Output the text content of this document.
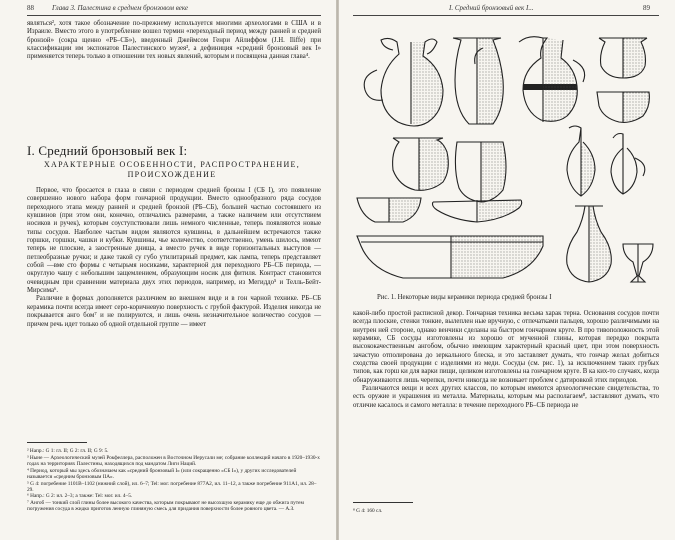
88	Глава 3. Палестина в среднем бронзовом веке

являться², хотя такое обозначение по-прежнему используется многими археологами в США и в Израиле. Вместо этого в употребление вошел термин «переходный период между ранней и средней бронзой» (сокра щенно «РБ–СБ»), введенный Джеймсом Генри Айлиффом (J.H. Iliffe) при классификации им экспонатов Палестинского музея³, а дефиниция «средний бронзовый век I» применяется теперь только в отношении тех новых явлений, которым и посвящена данная глава⁴.

I. Средний бронзовый век I:
ХАРАКТЕРНЫЕ ОСОБЕННОСТИ, РАСПРОСТРАНЕНИЕ, ПРОИСХОЖДЕНИЕ

Первое, что бросается в глаза в связи с периодом средней бронзы I (СБ I), это появление совершенно нового набора форм гончарной продукции. Вместо однообразного ряда сосудов переходного этапа между ранней и средней бронзой (РБ–СБ), большей частью состоявшего из кувшинов (при этом они, конечно, отличались размерами, а также наличием или отсутствием носиков и ручек), которым соуступствовали лишь немного численные, теперь появляются новые типы сосудов. Наиболее частым видом являются кувшины, в дальнейшем встречаются также горшки, горшки, чашки и кубки. Кувшины, чье количество, соответственно, умень шилось, имеют теперь не плоские, а заостренные днища, а вместо ручек в виде горизонтальных выступов — петлеобразные ручки; и даже такой су губо утилитарный предмет, как лампа, теперь представляет собой —вме сто формы с четырьмя носиками, характерной для переходного РБ–СБ периода, — округлую чашу с небольшим защемлением, образующим носик для фитиля. Контраст становится очевидным при сравнении материала двух этих периодов, например, из Мегиддо⁵ и Телль-Бейт-Мирсима⁶.

Различие в формах дополняется различием во внешнем виде и в гон чарной технике. РБ–СБ керамика почти всегда имеет серо-коричневую поверхность с грубой фактурой. Изделия никогда не покрывается анго бом⁷ и не полируются, и лишь очень незначительное количество сосудов — причем речь идет только об одной отдельной группе — имеет

² Напр.: G 1: гл. II; G 2: гл. II; G 9: 5.
³ Ныне — Археологический музей Рокфеллера, расположен в Восточном Иерусали ме; собрание коллекций начато в 1920–1930-х годах на территориях Палестины, находящихся под мандатом Лиги Наций.
⁴ Период, который мы здесь обозначаем как «средний бронзовый I» (или сокращенно «СБ I»), у других исследователей называется «средним бронзовым IIA».
⁵ G 4: погребение 1101B–1102 (нижний слой), ил. 6–7; Tel: мог. погребение 877A2, ил. 11–12, а также погребение 911A1, ил. 28–29.
⁶ Напр.: G 2: ил. 2–3; а также: Tel: мог. ил. 4–5.
⁷ Ангоб — тонкий слой глины более высокого качества, которым покрывают не высохшую керамику еще до обжига путем погружения сосуда в жидко приготов ленную глиняную смесь для придания поверхности более ровного цвета. — А.З.
I. Средний бронзовый век I...	89
Рис. 1. Некоторые виды керамики периода средней бронзы I

какой-либо простой расписной декор. Гончарная техника весьма харак терна. Основания сосудов почти всегда плоские, стенки тонкие, вылеплен ные вручную, с отпечатками пальцев, хорошо различимыми на внутрен ней стороне, однако венчики сделаны на быстром гончарном круге. В про тивоположность этой керамике, СБ сосуды изготовлены из хорошо от мученной глины, которая передко покрыта высококачественным ангобом, обычно имеющим характерный красный цвет, при этом поверхность зачастую отполирована до зеркального блеска, и это заставляет думать, что гончар желал добиться сходства своей продукции с изделиями из меди. Сосуды (см. рис. 1), за исключением таких грубых типов, как горш ки для варки пищи, целиком изготовлены на гончарном круге. В ка ких-то случаях, когда обнаруживаются лишь черепки, почти никогда не возникает проблем с датировкой этих периодов.

Различаются вещи и всех других классов, по которым имеются археологические свидетельства, то есть оружие и украшения из металла. Материалы, которым мы располагаем⁸, заставляют думать, что отличие касалось и самого металла: в течение переходного РБ–СБ периода не

⁸ G 4: 160 сл.
